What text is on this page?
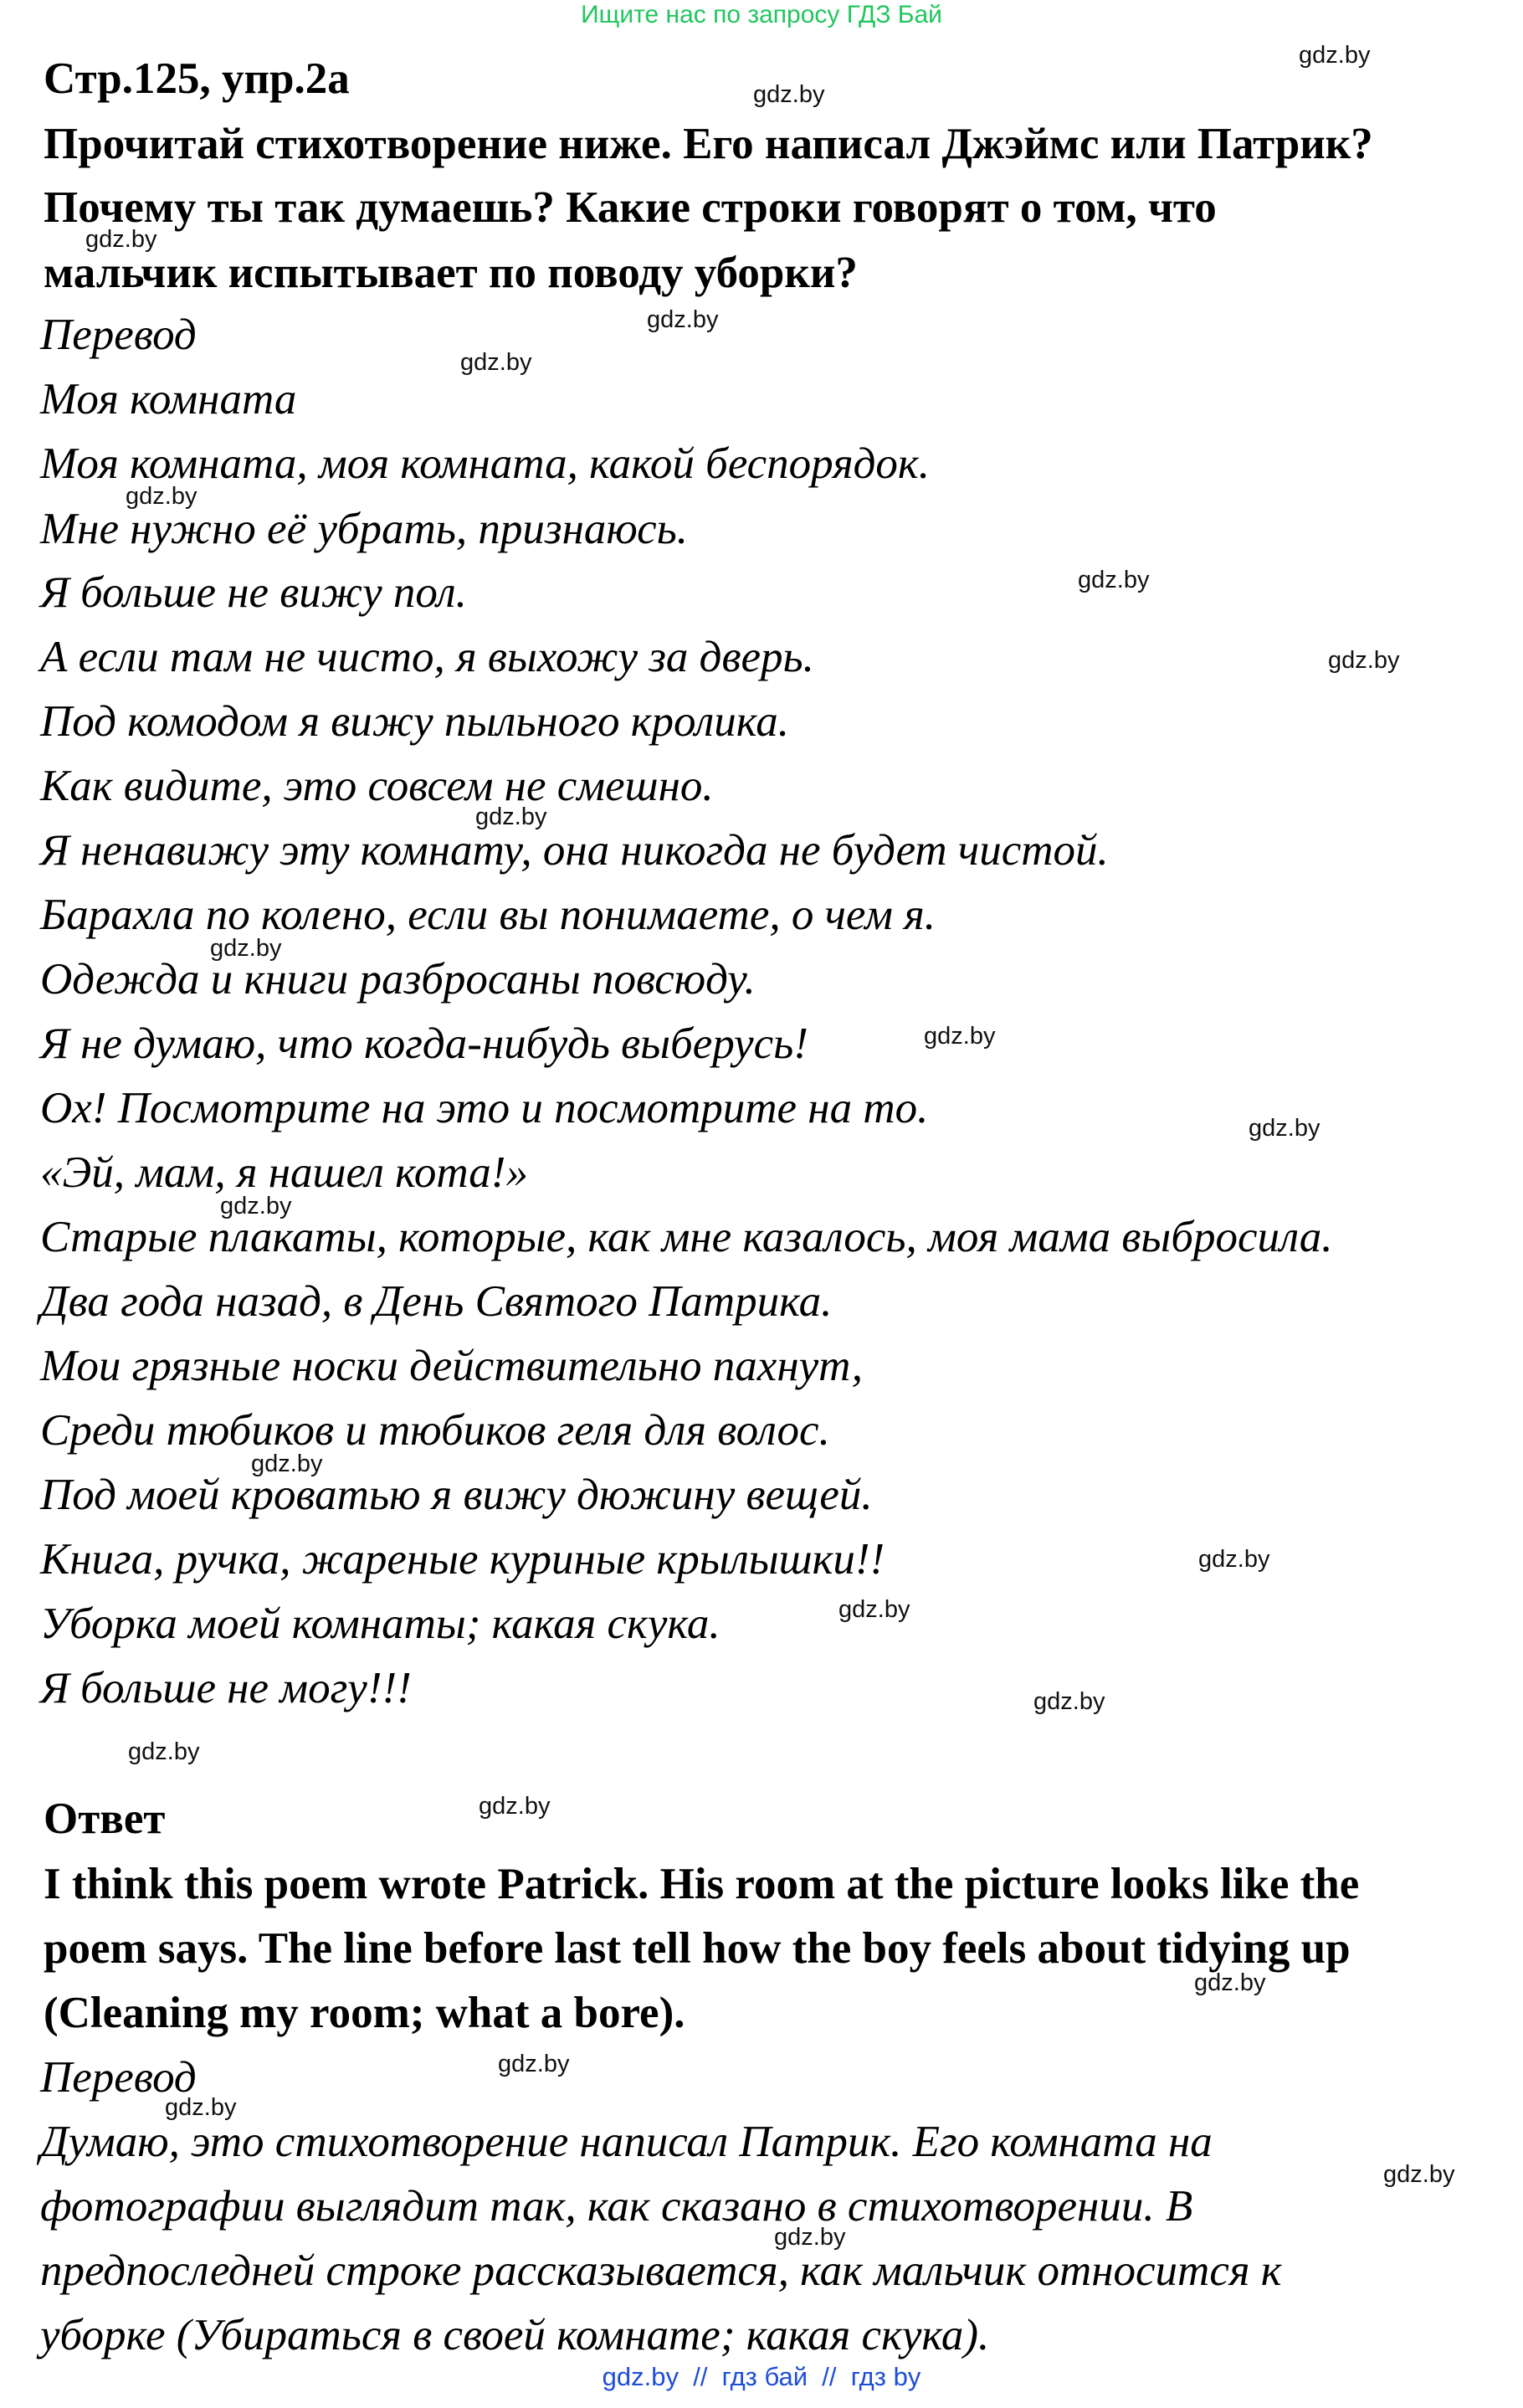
Ищите нас по запросу ГДЗ Бай
Стр.125, упр.2а
Прочитай стихотворение ниже. Его написал Джэймс или Патрик?
Почему ты так думаешь? Какие строки говорят о том, что
мальчик испытывает по поводу уборки?
Перевод
Моя комната
Моя комната, моя комната, какой беспорядок.
Мне нужно её убрать, признаюсь.
Я больше не вижу пол.
А если там не чисто, я выхожу за дверь.
Под комодом я вижу пыльного кролика.
Как видите, это совсем не смешно.
Я ненавижу эту комнату, она никогда не будет чистой.
Барахла по колено, если вы понимаете, о чем я.
Одежда и книги разбросаны повсюду.
Я не думаю, что когда-нибудь выберусь!
Ох! Посмотрите на это и посмотрите на то.
«Эй, мам, я нашел кота!»
Старые плакаты, которые, как мне казалось, моя мама выбросила.
Два года назад, в День Святого Патрика.
Мои грязные носки действительно пахнут,
Среди тюбиков и тюбиков геля для волос.
Под моей кроватью я вижу дюжину вещей.
Книга, ручка, жареные куриные крылышки!!
Уборка моей комнаты; какая скука.
Я больше не могу!!!
Ответ
I think this poem wrote Patrick. His room at the picture looks like the
poem says. The line before last tell how the boy feels about tidying up
(Cleaning my room; what a bore).
Перевод
Думаю, это стихотворение написал Патрик. Его комната на
фотографии выглядит так, как сказано в стихотворении. В
предпоследней строке рассказывается, как мальчик относится к
уборке (Убираться в своей комнате; какая скука).
gdz.by
gdz.by
gdz.by
gdz.by
gdz.by
gdz.by
gdz.by
gdz.by
gdz.by
gdz.by
gdz.by
gdz.by
gdz.by
gdz.by
gdz.by
gdz.by
gdz.by
gdz.by
gdz.by
gdz.by
gdz.by
gdz.by
gdz.by
gdz.by
gdz.by  //  гдз бай  //  гдз by
